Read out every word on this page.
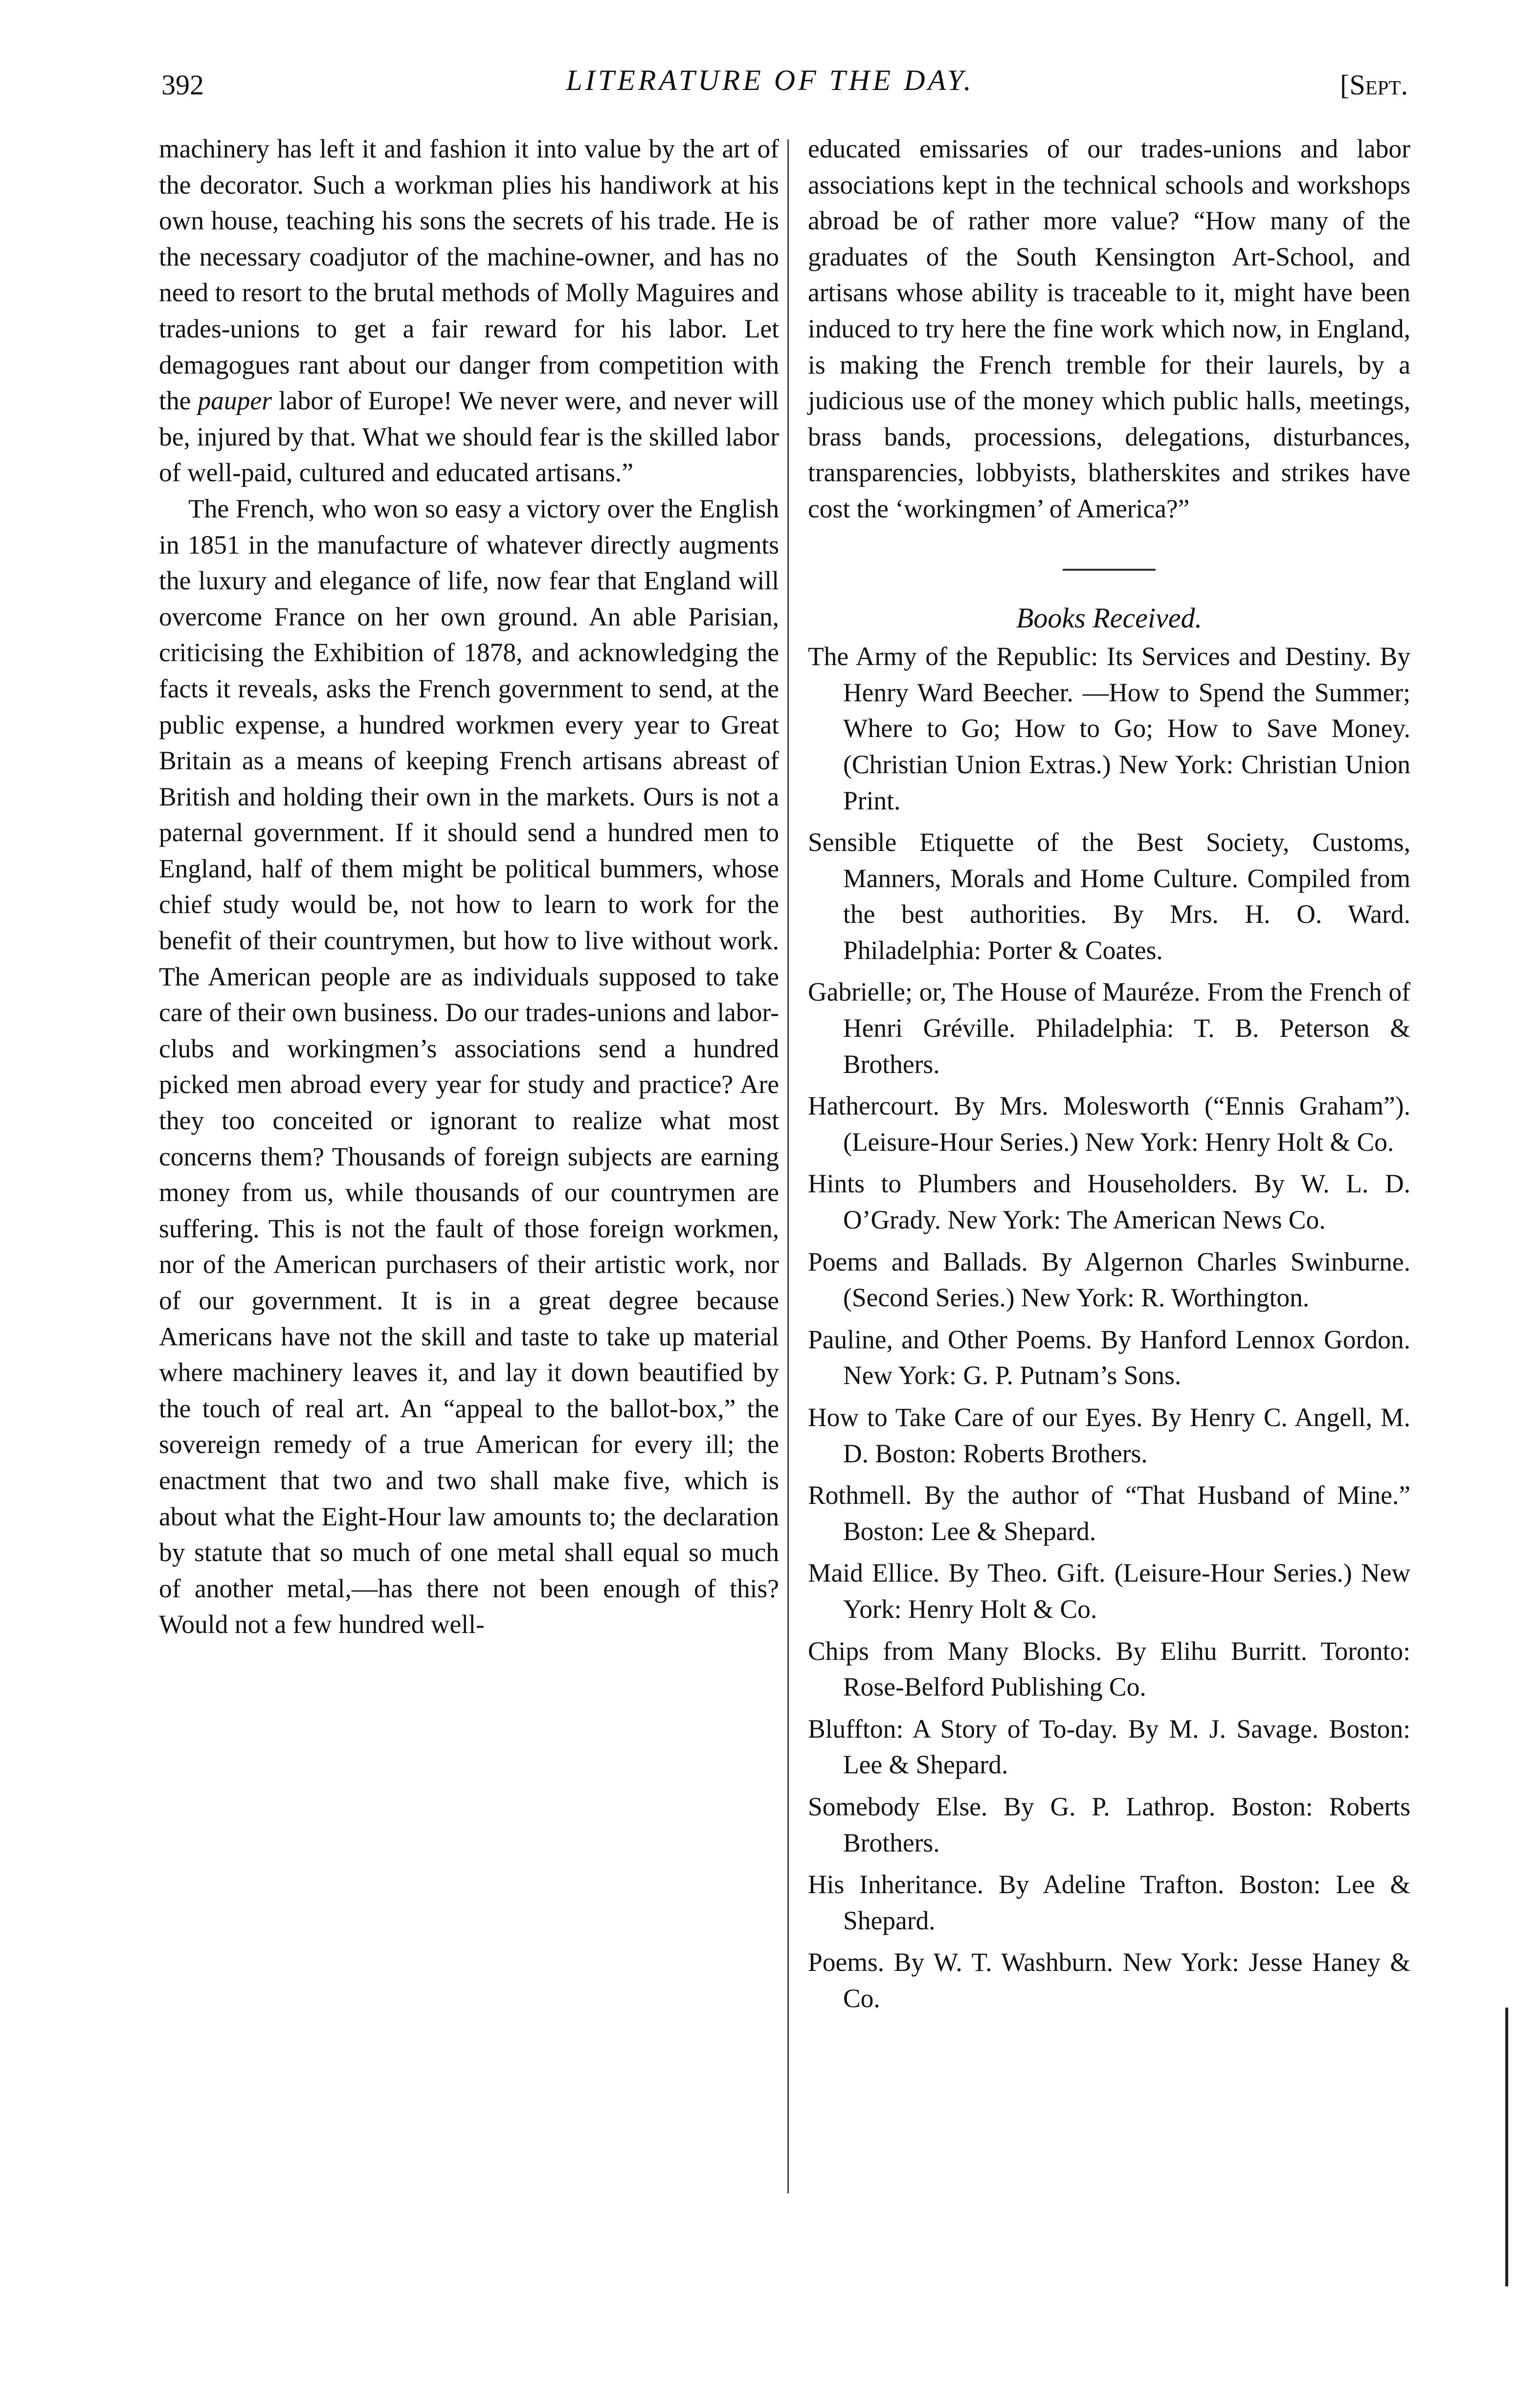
392	LITERATURE OF THE DAY.	[Sept.

machinery has left it and fashion it into value by the art of the decorator. Such a workman plies his handiwork at his own house, teaching his sons the secrets of his trade. He is the necessary coadjutor of the machine-owner, and has no need to resort to the brutal methods of Molly Maguires and trades-unions to get a fair reward for his labor. Let demagogues rant about our danger from competition with the pauper labor of Europe! We never were, and never will be, injured by that. What we should fear is the skilled labor of well-paid, cultured and educated artisans.”

The French, who won so easy a victory over the English in 1851 in the manufacture of whatever directly augments the luxury and elegance of life, now fear that England will overcome France on her own ground. An able Parisian, criticising the Exhibition of 1878, and acknowledging the facts it reveals, asks the French government to send, at the public expense, a hundred workmen every year to Great Britain as a means of keeping French artisans abreast of British and holding their own in the markets. Ours is not a paternal government. If it should send a hundred men to England, half of them might be political bummers, whose chief study would be, not how to learn to work for the benefit of their countrymen, but how to live without work. The American people are as individuals supposed to take care of their own business. Do our trades-unions and labor-clubs and workingmen’s associations send a hundred picked men abroad every year for study and practice? Are they too conceited or ignorant to realize what most concerns them? Thousands of foreign subjects are earning money from us, while thousands of our countrymen are suffering. This is not the fault of those foreign workmen, nor of the American purchasers of their artistic work, nor of our government. It is in a great degree because Americans have not the skill and taste to take up material where machinery leaves it, and lay it down beautified by the touch of real art. An “appeal to the ballot-box,” the sovereign remedy of a true American for every ill; the enactment that two and two shall make five, which is about what the Eight-Hour law amounts to; the declaration by statute that so much of one metal shall equal so much of another metal,—has there not been enough of this? Would not a few hundred well-

educated emissaries of our trades-unions and labor associations kept in the technical schools and workshops abroad be of rather more value? “How many of the graduates of the South Kensington Art-School, and artisans whose ability is traceable to it, might have been induced to try here the fine work which now, in England, is making the French tremble for their laurels, by a judicious use of the money which public halls, meetings, brass bands, processions, delegations, disturbances, transparencies, lobbyists, blatherskites and strikes have cost the ‘workingmen’ of America?”

Books Received.

The Army of the Republic: Its Services and Destiny. By Henry Ward Beecher. —How to Spend the Summer; Where to Go; How to Go; How to Save Money. (Christian Union Extras.) New York: Christian Union Print.

Sensible Etiquette of the Best Society, Customs, Manners, Morals and Home Culture. Compiled from the best authorities. By Mrs. H. O. Ward. Philadelphia: Porter & Coates.

Gabrielle; or, The House of Mauréze. From the French of Henri Gréville. Philadelphia: T. B. Peterson & Brothers.

Hathercourt. By Mrs. Molesworth (“Ennis Graham”). (Leisure-Hour Series.) New York: Henry Holt & Co.

Hints to Plumbers and Householders. By W. L. D. O’Grady. New York: The American News Co.

Poems and Ballads. By Algernon Charles Swinburne. (Second Series.) New York: R. Worthington.

Pauline, and Other Poems. By Hanford Lennox Gordon. New York: G. P. Putnam’s Sons.

How to Take Care of our Eyes. By Henry C. Angell, M. D. Boston: Roberts Brothers.

Rothmell. By the author of “That Husband of Mine.” Boston: Lee & Shepard.

Maid Ellice. By Theo. Gift. (Leisure-Hour Series.) New York: Henry Holt & Co.

Chips from Many Blocks. By Elihu Burritt. Toronto: Rose-Belford Publishing Co.

Bluffton: A Story of To-day. By M. J. Savage. Boston: Lee & Shepard.

Somebody Else. By G. P. Lathrop. Boston: Roberts Brothers.

His Inheritance. By Adeline Trafton. Boston: Lee & Shepard.

Poems. By W. T. Washburn. New York: Jesse Haney & Co.
